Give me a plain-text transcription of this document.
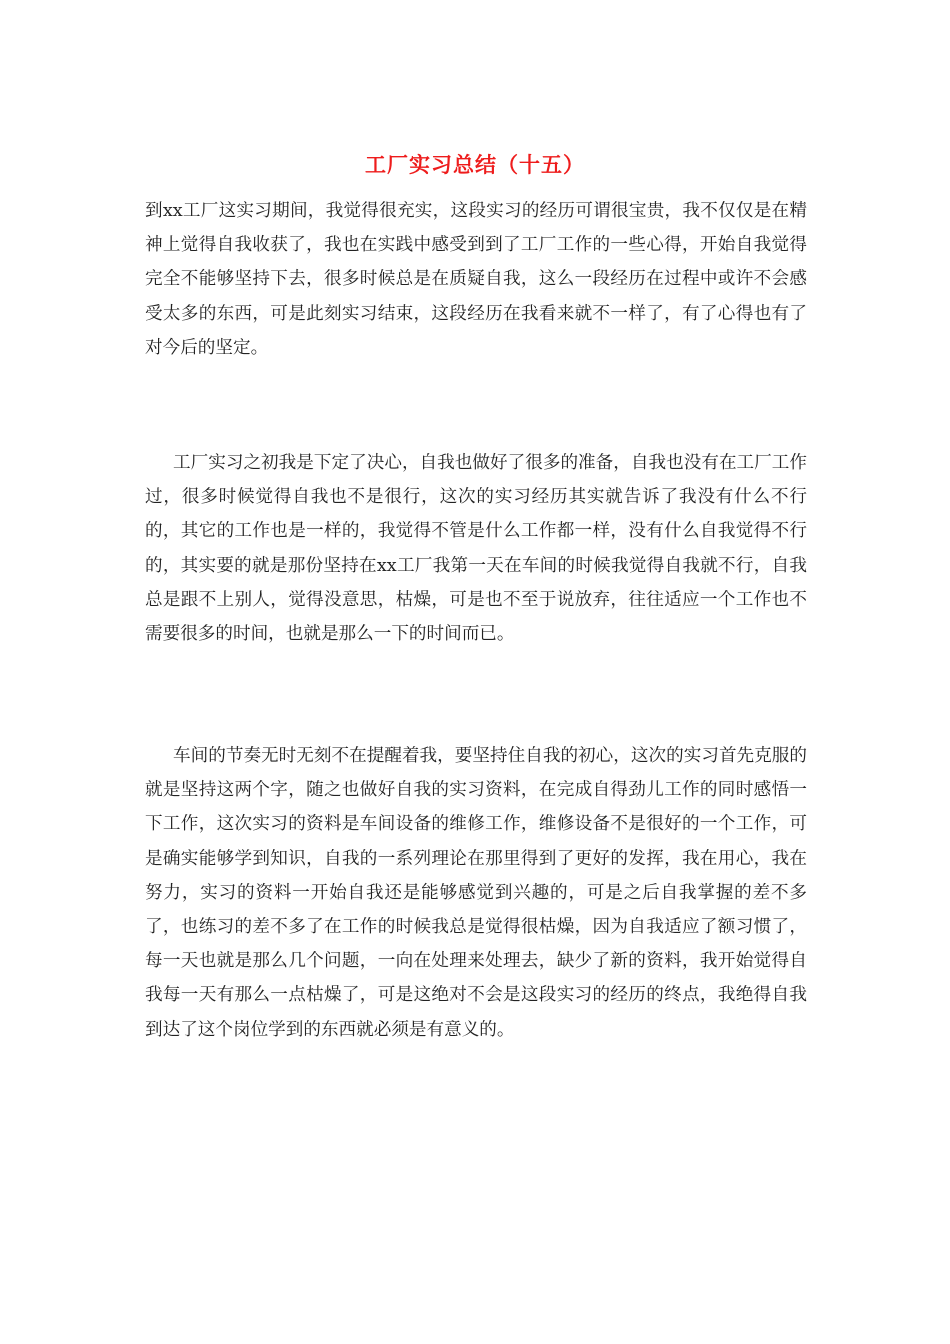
工厂实习总结（十五）

到xx工厂这实习期间，我觉得很充实，这段实习的经历可谓很宝贵，我不仅仅是在精神上觉得自我收获了，我也在实践中感受到到了工厂工作的一些心得，开始自我觉得完全不能够坚持下去，很多时候总是在质疑自我，这么一段经历在过程中或许不会感受太多的东西，可是此刻实习结束，这段经历在我看来就不一样了，有了心得也有了对今后的坚定。

工厂实习之初我是下定了决心，自我也做好了很多的准备，自我也没有在工厂工作过，很多时候觉得自我也不是很行，这次的实习经历其实就告诉了我没有什么不行的，其它的工作也是一样的，我觉得不管是什么工作都一样，没有什么自我觉得不行的，其实要的就是那份坚持在xx工厂我第一天在车间的时候我觉得自我就不行，自我总是跟不上别人，觉得没意思，枯燥，可是也不至于说放弃，往往适应一个工作也不需要很多的时间，也就是那么一下的时间而已。

车间的节奏无时无刻不在提醒着我，要坚持住自我的初心，这次的实习首先克服的就是坚持这两个字，随之也做好自我的实习资料，在完成自得劲儿工作的同时感悟一下工作，这次实习的资料是车间设备的维修工作，维修设备不是很好的一个工作，可是确实能够学到知识，自我的一系列理论在那里得到了更好的发挥，我在用心，我在努力，实习的资料一开始自我还是能够感觉到兴趣的，可是之后自我掌握的差不多了，也练习的差不多了在工作的时候我总是觉得很枯燥，因为自我适应了额习惯了，每一天也就是那么几个问题，一向在处理来处理去，缺少了新的资料，我开始觉得自我每一天有那么一点枯燥了，可是这绝对不会是这段实习的经历的终点，我绝得自我到达了这个岗位学到的东西就必须是有意义的。
